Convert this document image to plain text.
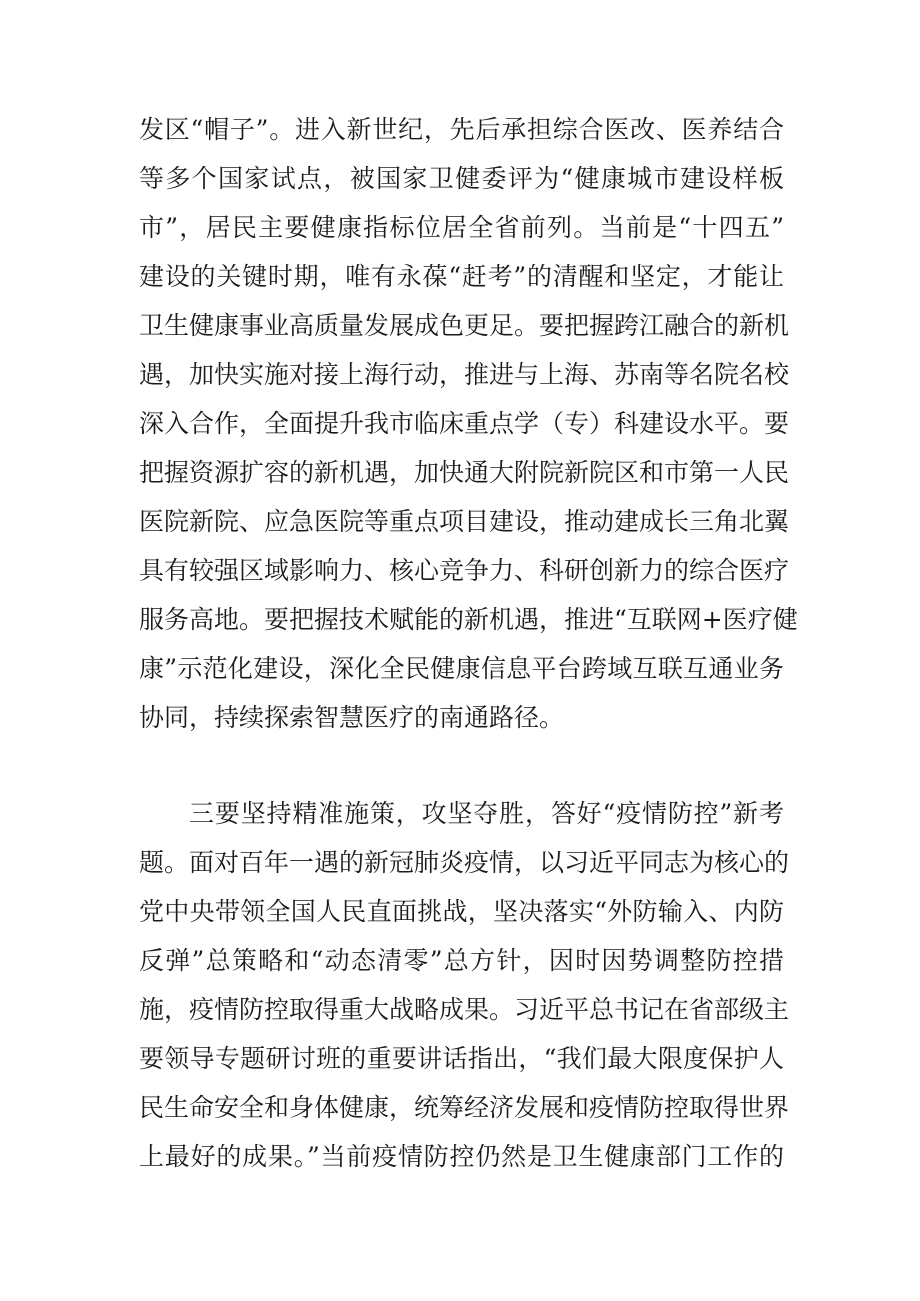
发区“帽子”。进入新世纪，先后承担综合医改、医养结合
等多个国家试点，被国家卫健委评为“健康城市建设样板
市”，居民主要健康指标位居全省前列。当前是“十四五”
建设的关键时期，唯有永葆“赶考”的清醒和坚定，才能让
卫生健康事业高质量发展成色更足。要把握跨江融合的新机
遇，加快实施对接上海行动，推进与上海、苏南等名院名校
深入合作，全面提升我市临床重点学（专）科建设水平。要
把握资源扩容的新机遇，加快通大附院新院区和市第一人民
医院新院、应急医院等重点项目建设，推动建成长三角北翼
具有较强区域影响力、核心竞争力、科研创新力的综合医疗
服务高地。要把握技术赋能的新机遇，推进“互联网+医疗健
康”示范化建设，深化全民健康信息平台跨域互联互通业务
协同，持续探索智慧医疗的南通路径。
三要坚持精准施策，攻坚夺胜，答好“疫情防控”新考
题。面对百年一遇的新冠肺炎疫情，以习近平同志为核心的
党中央带领全国人民直面挑战，坚决落实“外防输入、内防
反弹”总策略和“动态清零”总方针，因时因势调整防控措
施，疫情防控取得重大战略成果。习近平总书记在省部级主
要领导专题研讨班的重要讲话指出，“我们最大限度保护人
民生命安全和身体健康，统筹经济发展和疫情防控取得世界
上最好的成果。”当前疫情防控仍然是卫生健康部门工作的
